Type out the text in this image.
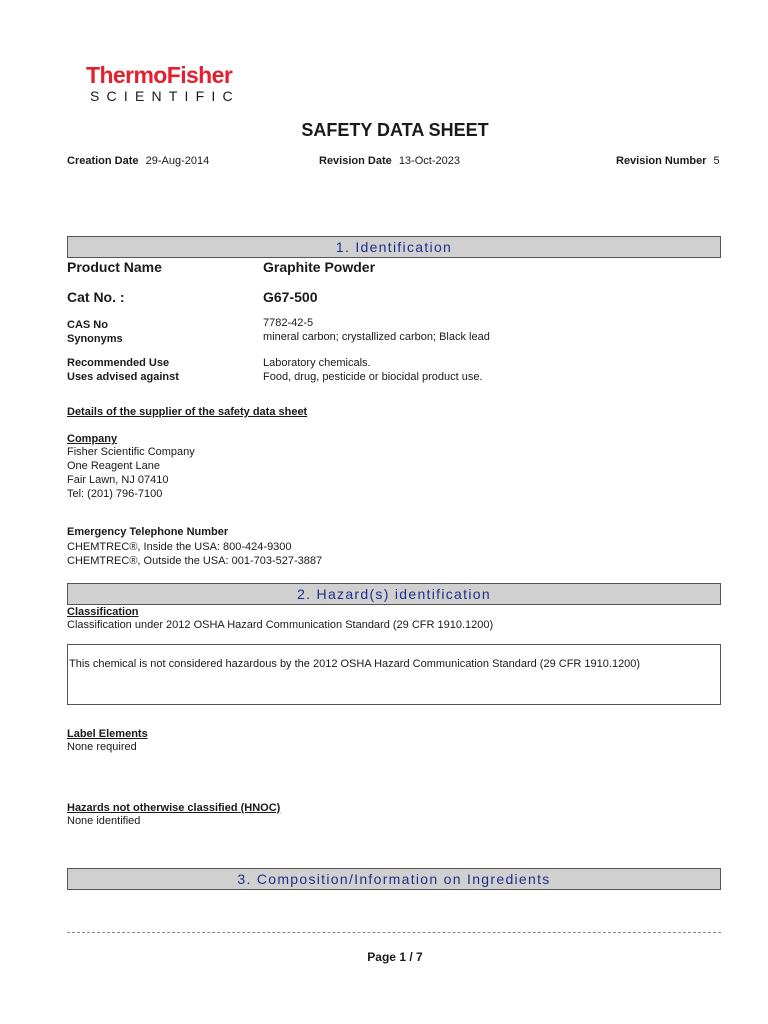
ThermoFisher
SCIENTIFIC
SAFETY DATA SHEET
Creation Date 29-Aug-2014	Revision Date 13-Oct-2023	Revision Number 5
1. Identification
Product Name	Graphite Powder
Cat No. :	G67-500
CAS No	7782-42-5
Synonyms	mineral carbon; crystallized carbon; Black lead
Recommended Use	Laboratory chemicals.
Uses advised against	Food, drug, pesticide or biocidal product use.
Details of the supplier of the safety data sheet
Company
Fisher Scientific Company
One Reagent Lane
Fair Lawn, NJ 07410
Tel: (201) 796-7100
Emergency Telephone Number
CHEMTREC®, Inside the USA: 800-424-9300
CHEMTREC®, Outside the USA: 001-703-527-3887
2. Hazard(s) identification
Classification
Classification under 2012 OSHA Hazard Communication Standard (29 CFR 1910.1200)
This chemical is not considered hazardous by the 2012 OSHA Hazard Communication Standard (29 CFR 1910.1200)
Label Elements
None required
Hazards not otherwise classified (HNOC)
None identified
3. Composition/Information on Ingredients
Page 1 / 7
